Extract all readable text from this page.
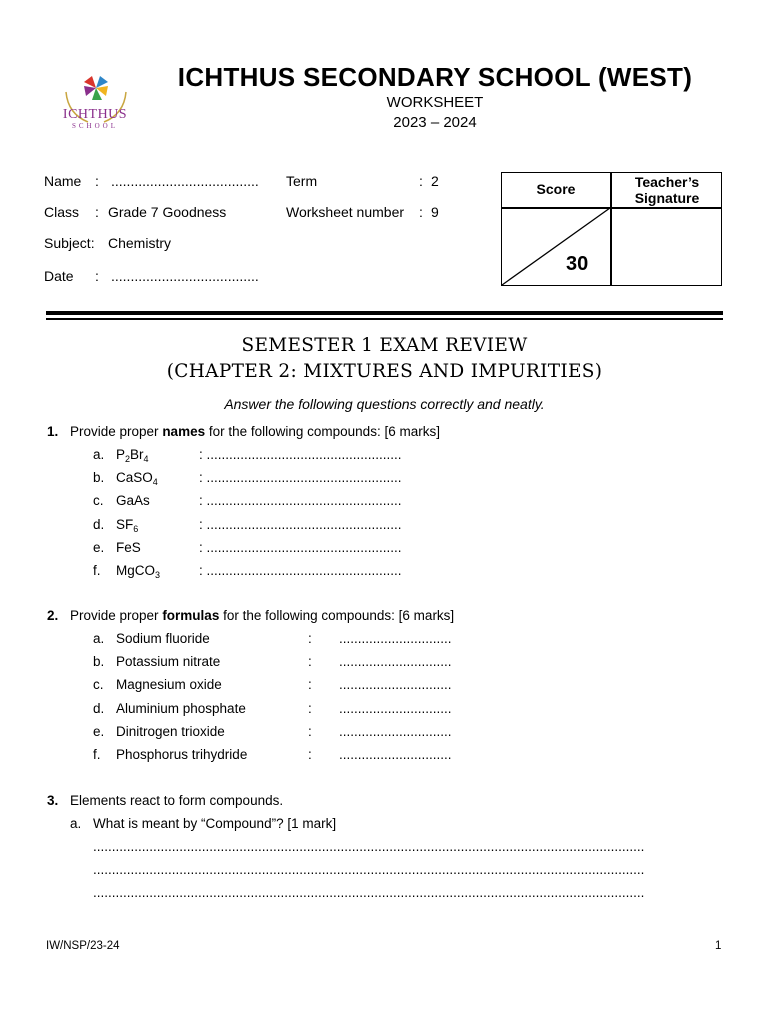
ICHTHUS
SCHOOL
ICHTHUS SECONDARY SCHOOL (WEST)
WORKSHEET
2023 – 2024
Name : ......................................
Class : Grade 7 Goodness
Subject: Chemistry
Date : ......................................
Term	: 2
Worksheet number : 9
Score	Teacher’s
Signature
30
SEMESTER 1 EXAM REVIEW
(CHAPTER 2: MIXTURES AND IMPURITIES)
Answer the following questions correctly and neatly.
1. Provide proper names for the following compounds: [6 marks]
a. $P_2Br_4$	: ....................................................
b. CaSO$_4$	: ....................................................
c. GaAs	: ....................................................
d. $SF_6$	: ....................................................
e. FeS	: ....................................................
f. MgCO$_3$	: ....................................................
2. Provide proper formulas for the following compounds: [6 marks]
a. Sodium fluoride	: ..............................
b. Potassium nitrate	: ..............................
c. Magnesium oxide	: ..............................
d. Aluminium phosphate	: ..............................
e. Dinitrogen trioxide	: ..............................
f. Phosphorus trihydride	: ..............................
3. Elements react to form compounds.
a. What is meant by “Compound”? [1 mark]
...................................................................................................................................................
...................................................................................................................................................
...................................................................................................................................................
IW/NSP/23-24	1
